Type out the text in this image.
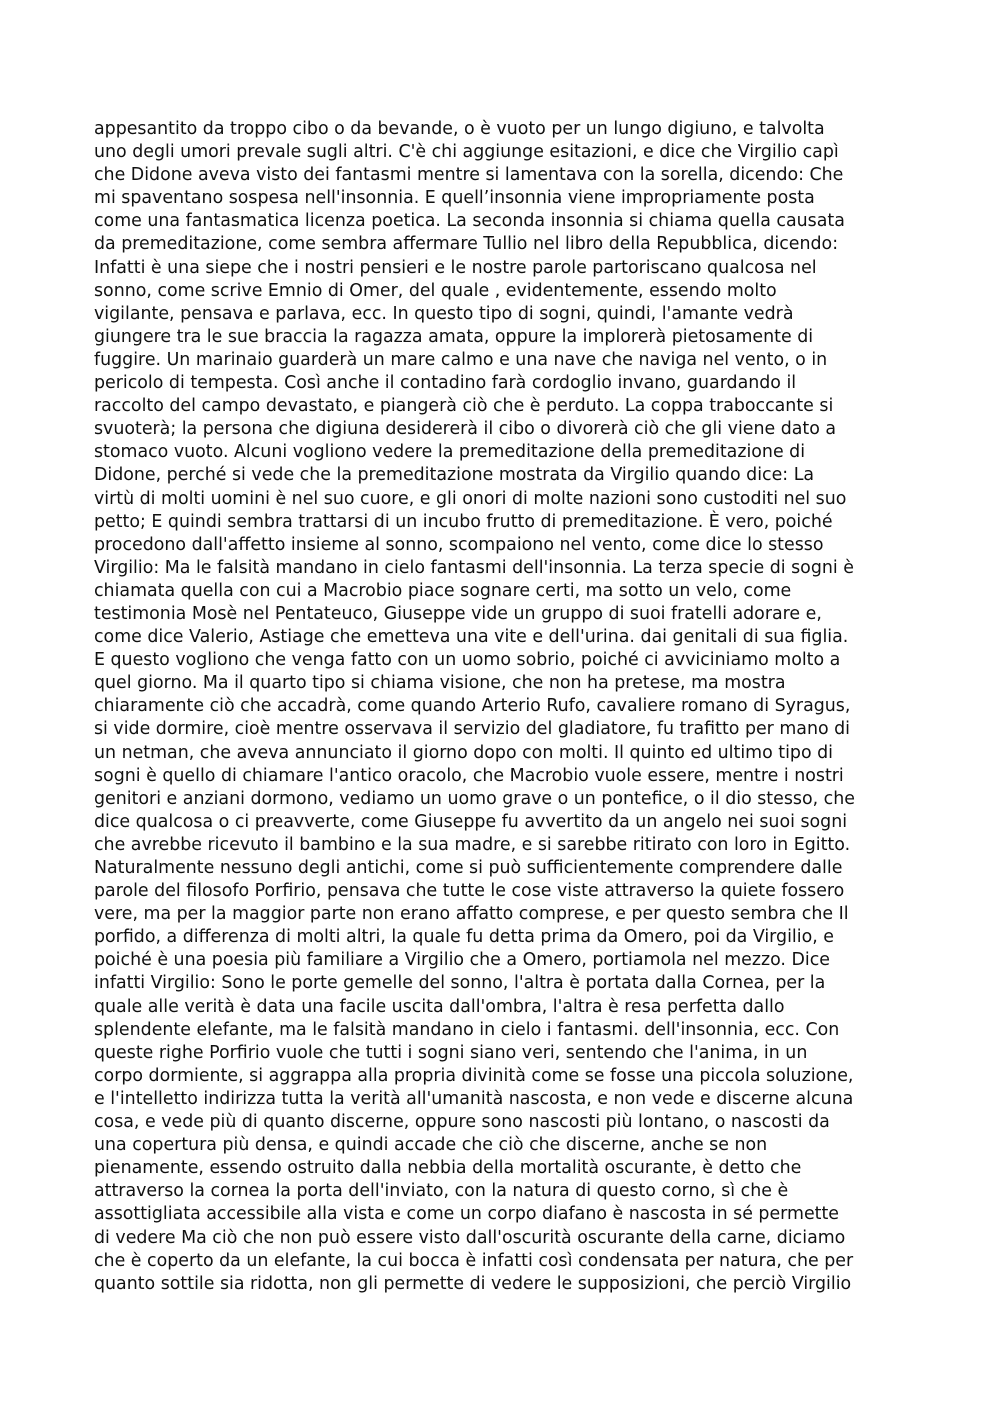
appesantito da troppo cibo o da bevande, o è vuoto per un lungo digiuno, e talvolta
uno degli umori prevale sugli altri. C'è chi aggiunge esitazioni, e dice che Virgilio capì
che Didone aveva visto dei fantasmi mentre si lamentava con la sorella, dicendo: Che
mi spaventano sospesa nell'insonnia. E quell’insonnia viene impropriamente posta
come una fantasmatica licenza poetica. La seconda insonnia si chiama quella causata
da premeditazione, come sembra affermare Tullio nel libro della Repubblica, dicendo:
Infatti è una siepe che i nostri pensieri e le nostre parole partoriscano qualcosa nel
sonno, come scrive Emnio di Omer, del quale , evidentemente, essendo molto
vigilante, pensava e parlava, ecc. In questo tipo di sogni, quindi, l'amante vedrà
giungere tra le sue braccia la ragazza amata, oppure la implorerà pietosamente di
fuggire. Un marinaio guarderà un mare calmo e una nave che naviga nel vento, o in
pericolo di tempesta. Così anche il contadino farà cordoglio invano, guardando il
raccolto del campo devastato, e piangerà ciò che è perduto. La coppa traboccante si
svuoterà; la persona che digiuna desidererà il cibo o divorerà ciò che gli viene dato a
stomaco vuoto. Alcuni vogliono vedere la premeditazione della premeditazione di
Didone, perché si vede che la premeditazione mostrata da Virgilio quando dice: La
virtù di molti uomini è nel suo cuore, e gli onori di molte nazioni sono custoditi nel suo
petto; E quindi sembra trattarsi di un incubo frutto di premeditazione. È vero, poiché
procedono dall'affetto insieme al sonno, scompaiono nel vento, come dice lo stesso
Virgilio: Ma le falsità mandano in cielo fantasmi dell'insonnia. La terza specie di sogni è
chiamata quella con cui a Macrobio piace sognare certi, ma sotto un velo, come
testimonia Mosè nel Pentateuco, Giuseppe vide un gruppo di suoi fratelli adorare e,
come dice Valerio, Astiage che emetteva una vite e dell'urina. dai genitali di sua figlia.
E questo vogliono che venga fatto con un uomo sobrio, poiché ci avviciniamo molto a
quel giorno. Ma il quarto tipo si chiama visione, che non ha pretese, ma mostra
chiaramente ciò che accadrà, come quando Arterio Rufo, cavaliere romano di Syragus,
si vide dormire, cioè mentre osservava il servizio del gladiatore, fu trafitto per mano di
un netman, che aveva annunciato il giorno dopo con molti. Il quinto ed ultimo tipo di
sogni è quello di chiamare l'antico oracolo, che Macrobio vuole essere, mentre i nostri
genitori e anziani dormono, vediamo un uomo grave o un pontefice, o il dio stesso, che
dice qualcosa o ci preavverte, come Giuseppe fu avvertito da un angelo nei suoi sogni
che avrebbe ricevuto il bambino e la sua madre, e si sarebbe ritirato con loro in Egitto.
Naturalmente nessuno degli antichi, come si può sufficientemente comprendere dalle
parole del filosofo Porfirio, pensava che tutte le cose viste attraverso la quiete fossero
vere, ma per la maggior parte non erano affatto comprese, e per questo sembra che Il
porfido, a differenza di molti altri, la quale fu detta prima da Omero, poi da Virgilio, e
poiché è una poesia più familiare a Virgilio che a Omero, portiamola nel mezzo. Dice
infatti Virgilio: Sono le porte gemelle del sonno, l'altra è portata dalla Cornea, per la
quale alle verità è data una facile uscita dall'ombra, l'altra è resa perfetta dallo
splendente elefante, ma le falsità mandano in cielo i fantasmi. dell'insonnia, ecc. Con
queste righe Porfirio vuole che tutti i sogni siano veri, sentendo che l'anima, in un
corpo dormiente, si aggrappa alla propria divinità come se fosse una piccola soluzione,
e l'intelletto indirizza tutta la verità all'umanità nascosta, e non vede e discerne alcuna
cosa, e vede più di quanto discerne, oppure sono nascosti più lontano, o nascosti da
una copertura più densa, e quindi accade che ciò che discerne, anche se non
pienamente, essendo ostruito dalla nebbia della mortalità oscurante, è detto che
attraverso la cornea la porta dell'inviato, con la natura di questo corno, sì che è
assottigliata accessibile alla vista e come un corpo diafano è nascosta in sé permette
di vedere Ma ciò che non può essere visto dall'oscurità oscurante della carne, diciamo
che è coperto da un elefante, la cui bocca è infatti così condensata per natura, che per
quanto sottile sia ridotta, non gli permette di vedere le supposizioni, che perciò Virgilio
